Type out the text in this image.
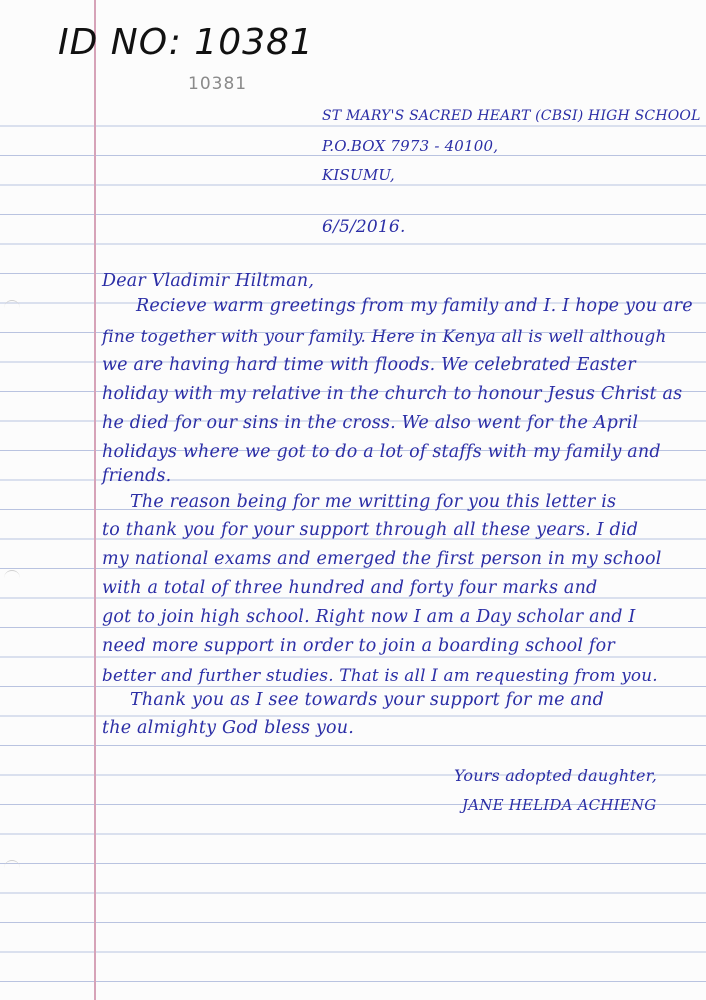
ID NO: 10381
10381
ST MARY'S SACRED HEART (CBSI) HIGH SCHOOL
P.O.BOX 7973 - 40100,
KISUMU,
6/5/2016.
Dear Vladimir Hiltman,
Recieve warm greetings from my family and I. I hope you are
fine together with your family. Here in Kenya all is well although
we are having hard time with floods. We celebrated Easter
holiday with my relative in the church to honour Jesus Christ as
he died for our sins in the cross. We also went for the April
holidays where we got to do a lot of staffs with my family and
friends.
The reason being for me writting for you this letter is
to thank you for your support through all these years. I did
my national exams and emerged the first person in my school
with a total of three hundred and forty four marks and
got to join high school. Right now I am a Day scholar and I
need more support in order to join a boarding school for
better and further studies. That is all I am requesting from you.
Thank you as I see towards your support for me and
the almighty God bless you.
Yours adopted daughter,
JANE HELIDA ACHIENG
